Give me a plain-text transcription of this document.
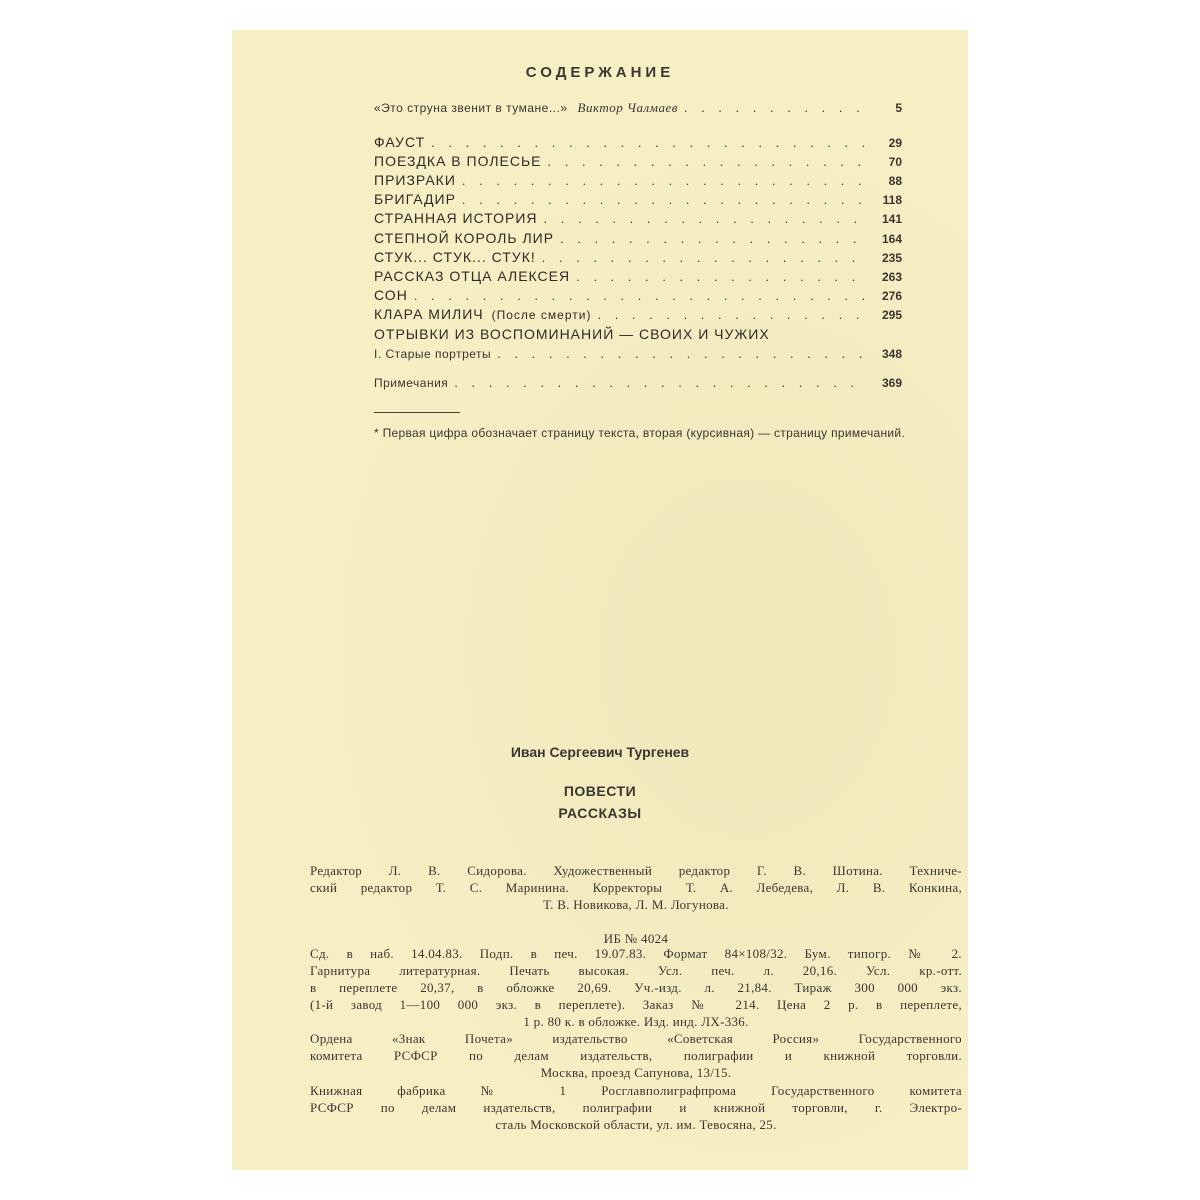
СОДЕРЖАНИЕ
«Это струна звенит в тумане...» Виктор Чалмаев . . .	5
ФАУСТ . . .	29
ПОЕЗДКА В ПОЛЕСЬЕ . . .	70
ПРИЗРАКИ . . .	88
БРИГАДИР . . .	118
СТРАННАЯ ИСТОРИЯ . . .	141
СТЕПНОЙ КОРОЛЬ ЛИР . . .	164
СТУК... СТУК... СТУК! . . .	235
РАССКАЗ ОТЦА АЛЕКСЕЯ . . .	263
СОН . . .	276
КЛАРА МИЛИЧ (После смерти) . . .	295
ОТРЫВКИ ИЗ ВОСПОМИНАНИЙ — СВОИХ И ЧУЖИХ
I. Старые портреты . . .	348
Примечания . . .	369
* Первая цифра обозначает страницу текста, вторая (курсивная) — страницу примечаний.
Иван Сергеевич Тургенев
ПОВЕСТИ
РАССКАЗЫ
Редактор Л. В. Сидорова. Художественный редактор Г. В. Шотина. Техниче-
ский редактор Т. С. Маринина. Корректоры Т. А. Лебедева, Л. В. Конкина,
Т. В. Новикова, Л. М. Логунова.
ИБ № 4024
Сд. в наб. 14.04.83. Подп. в печ. 19.07.83. Формат 84×108/32. Бум. типогр. № 2.
Гарнитура литературная. Печать высокая. Усл. печ. л. 20,16. Усл. кр.-отт.
в переплете 20,37, в обложке 20,69. Уч.-изд. л. 21,84. Тираж 300 000 экз.
(1-й завод 1—100 000 экз. в переплете). Заказ № 214. Цена 2 р. в переплете,
1 р. 80 к. в обложке. Изд. инд. ЛХ-336.
Ордена «Знак Почета» издательство «Советская Россия» Государственного
комитета РСФСР по делам издательств, полиграфии и книжной торговли.
Москва, проезд Сапунова, 13/15.
Книжная фабрика № 1 Росглавполиграфпрома Государственного комитета
РСФСР по делам издательств, полиграфии и книжной торговли, г. Электро-
сталь Московской области, ул. им. Тевосяна, 25.
